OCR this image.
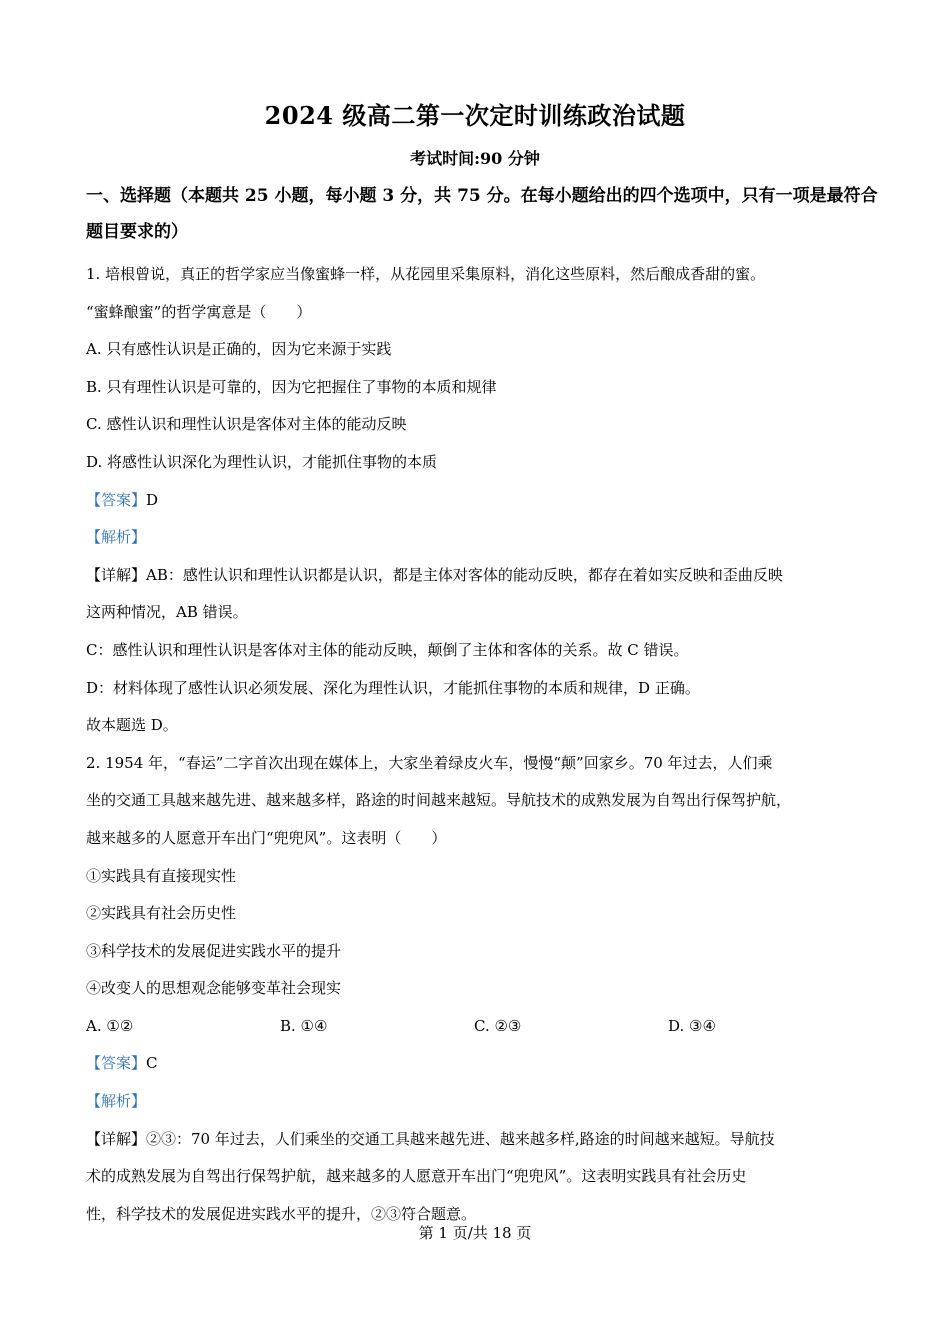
2024 级高二第一次定时训练政治试题
考试时间:90 分钟
一、选择题（本题共 25 小题，每小题 3 分，共 75 分。在每小题给出的四个选项中，只有一项是最符合题目要求的）
1. 培根曾说，真正的哲学家应当像蜜蜂一样，从花园里采集原料，消化这些原料，然后酿成香甜的蜜。
“蜜蜂酿蜜”的哲学寓意是（　　）
A. 只有感性认识是正确的，因为它来源于实践
B. 只有理性认识是可靠的，因为它把握住了事物的本质和规律
C. 感性认识和理性认识是客体对主体的能动反映
D. 将感性认识深化为理性认识，才能抓住事物的本质
【答案】D
【解析】
【详解】AB：感性认识和理性认识都是认识，都是主体对客体的能动反映，都存在着如实反映和歪曲反映
这两种情况，AB 错误。
C：感性认识和理性认识是客体对主体的能动反映，颠倒了主体和客体的关系。故 C 错误。
D：材料体现了感性认识必须发展、深化为理性认识，才能抓住事物的本质和规律，D 正确。
故本题选 D。
2. 1954 年，“春运”二字首次出现在媒体上，大家坐着绿皮火车，慢慢“颠”回家乡。70 年过去，人们乘
坐的交通工具越来越先进、越来越多样，路途的时间越来越短。导航技术的成熟发展为自驾出行保驾护航，
越来越多的人愿意开车出门“兜兜风”。这表明（　　）
①实践具有直接现实性
②实践具有社会历史性
③科学技术的发展促进实践水平的提升
④改变人的思想观念能够变革社会现实
A. ①②	B. ①④	C. ②③	D. ③④
【答案】C
【解析】
【详解】②③：70 年过去，人们乘坐的交通工具越来越先进、越来越多样,路途的时间越来越短。导航技
术的成熟发展为自驾出行保驾护航，越来越多的人愿意开车出门“兜兜风”。这表明实践具有社会历史
性，科学技术的发展促进实践水平的提升，②③符合题意。
第 1 页/共 18 页
